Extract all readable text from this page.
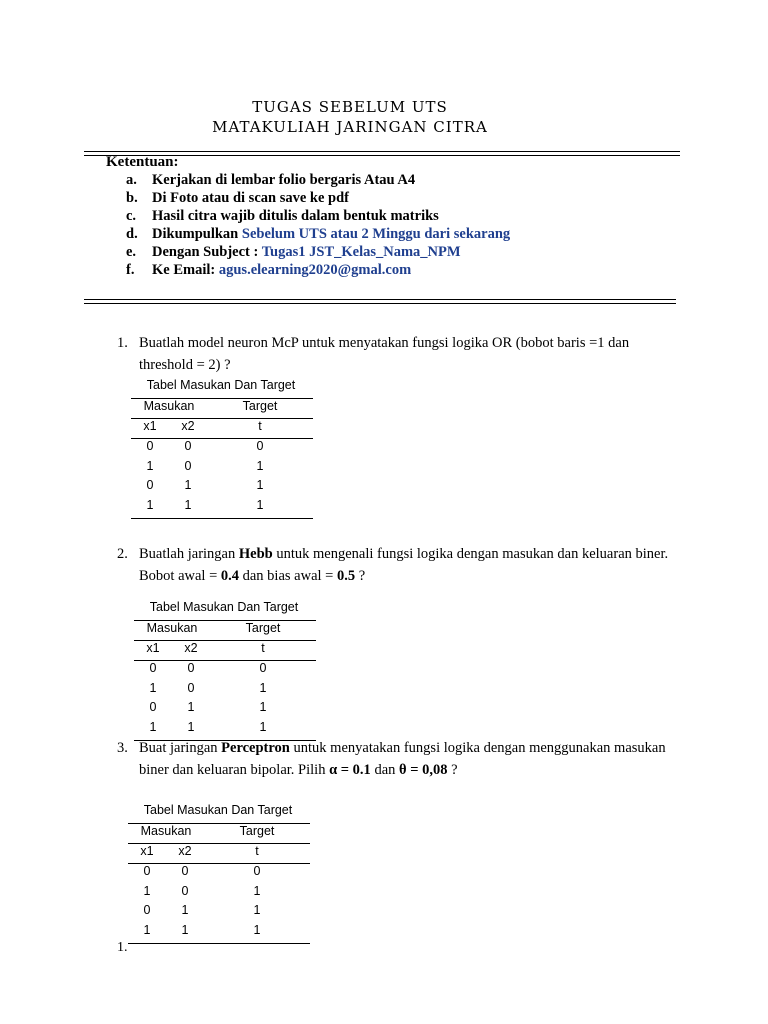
TUGAS SEBELUM UTS
MATAKULIAH JARINGAN CITRA
Ketentuan:
a. Kerjakan di lembar folio bergaris Atau A4
b. Di Foto atau di scan save ke pdf
c. Hasil citra wajib ditulis dalam bentuk matriks
d. Dikumpulkan Sebelum UTS atau 2 Minggu dari sekarang
e. Dengan Subject : Tugas1 JST_Kelas_Nama_NPM
f. Ke Email: agus.elearning2020@gmal.com
1. Buatlah model neuron McP untuk menyatakan fungsi logika OR (bobot baris =1 dan threshold = 2) ?
2. Buatlah jaringan Hebb untuk mengenali fungsi logika dengan masukan dan keluaran biner. Bobot awal = 0.4 dan bias awal = 0.5 ?
3. Buat jaringan Perceptron untuk menyatakan fungsi logika dengan menggunakan masukan biner dan keluaran bipolar. Pilih α = 0.1 dan θ = 0,08 ?
Tabel Masukan Dan Target
Masukan	Target
x1	x2	t
0	0	0
1	0	1
0	1	1
1	1	1
Tabel Masukan Dan Target
Masukan	Target
x1	x2	t
0	0	0
1	0	1
0	1	1
1	1	1
Tabel Masukan Dan Target
Masukan	Target
x1	x2	t
0	0	0
1	0	1
0	1	1
1	1	1
1.
